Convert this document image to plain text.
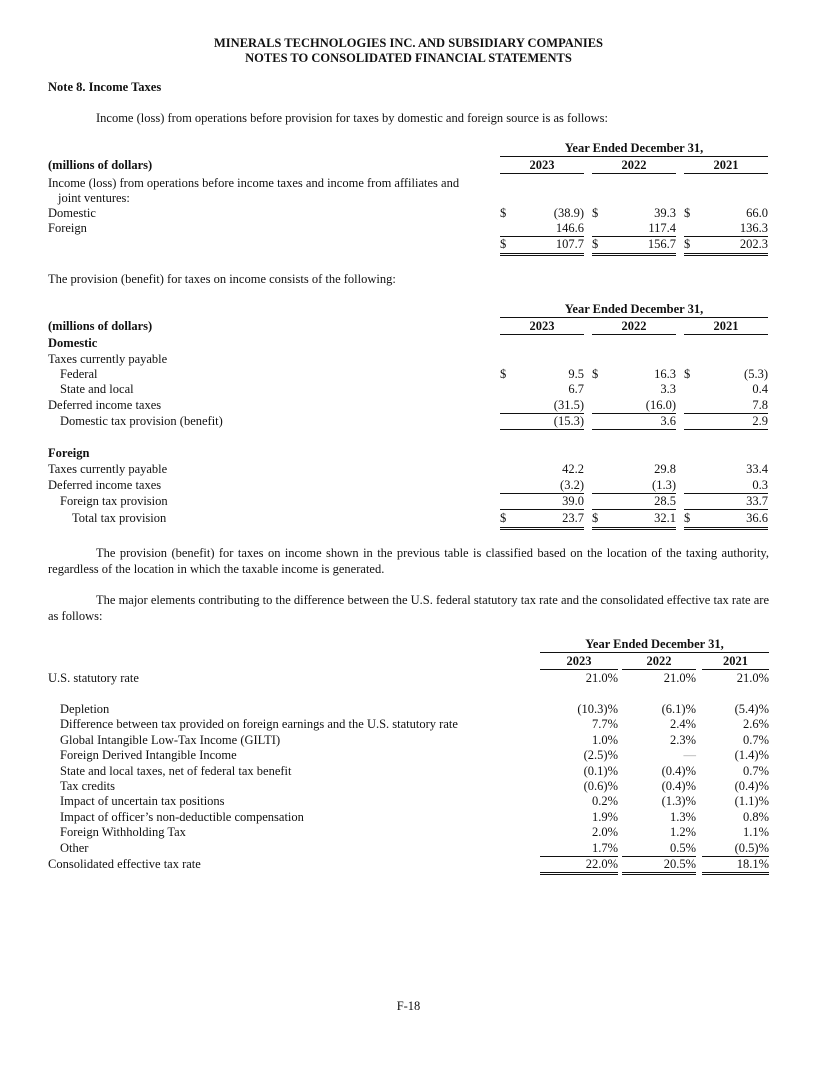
MINERALS TECHNOLOGIES INC. AND SUBSIDIARY COMPANIES
NOTES TO CONSOLIDATED FINANCIAL STATEMENTS
Note 8. Income Taxes
Income (loss) from operations before provision for taxes by domestic and foreign source is as follows:
Year Ended December 31,
(millions of dollars)	2023	2022	2021
Income (loss) from operations before income taxes and income from affiliates and
joint ventures:
Domestic	$	(38.9) $	39.3 $	66.0
Foreign	146.6	117.4	136.3
$	107.7 $	156.7 $	202.3
The provision (benefit) for taxes on income consists of the following:
Year Ended December 31,
(millions of dollars)	2023	2022	2021
Domestic
Taxes currently payable
Federal	$	9.5 $	16.3 $	(5.3)
State and local	6.7	3.3	0.4
Deferred income taxes	(31.5)	(16.0)	7.8
Domestic tax provision (benefit)	(15.3)	3.6	2.9
Foreign
Taxes currently payable	42.2	29.8	33.4
Deferred income taxes	(3.2)	(1.3)	0.3
Foreign tax provision	39.0	28.5	33.7
Total tax provision	$	23.7 $	32.1 $	36.6
The provision (benefit) for taxes on income shown in the previous table is classified based on the location of the taxing authority, regardless of the location in which the taxable income is generated.
The major elements contributing to the difference between the U.S. federal statutory tax rate and the consolidated effective tax rate are as follows:
Year Ended December 31,
2023	2022	2021
U.S. statutory rate	21.0%	21.0%	21.0%
Depletion	(10.3)%	(6.1)%	(5.4)%
Difference between tax provided on foreign earnings and the U.S. statutory rate	7.7%	2.4%	2.6%
Global Intangible Low-Tax Income (GILTI)	1.0%	2.3%	0.7%
Foreign Derived Intangible Income	(2.5)%	—	(1.4)%
State and local taxes, net of federal tax benefit	(0.1)%	(0.4)%	0.7%
Tax credits	(0.6)%	(0.4)%	(0.4)%
Impact of uncertain tax positions	0.2%	(1.3)%	(1.1)%
Impact of officer’s non-deductible compensation	1.9%	1.3%	0.8%
Foreign Withholding Tax	2.0%	1.2%	1.1%
Other	1.7%	0.5%	(0.5)%
Consolidated effective tax rate	22.0%	20.5%	18.1%
F-18
